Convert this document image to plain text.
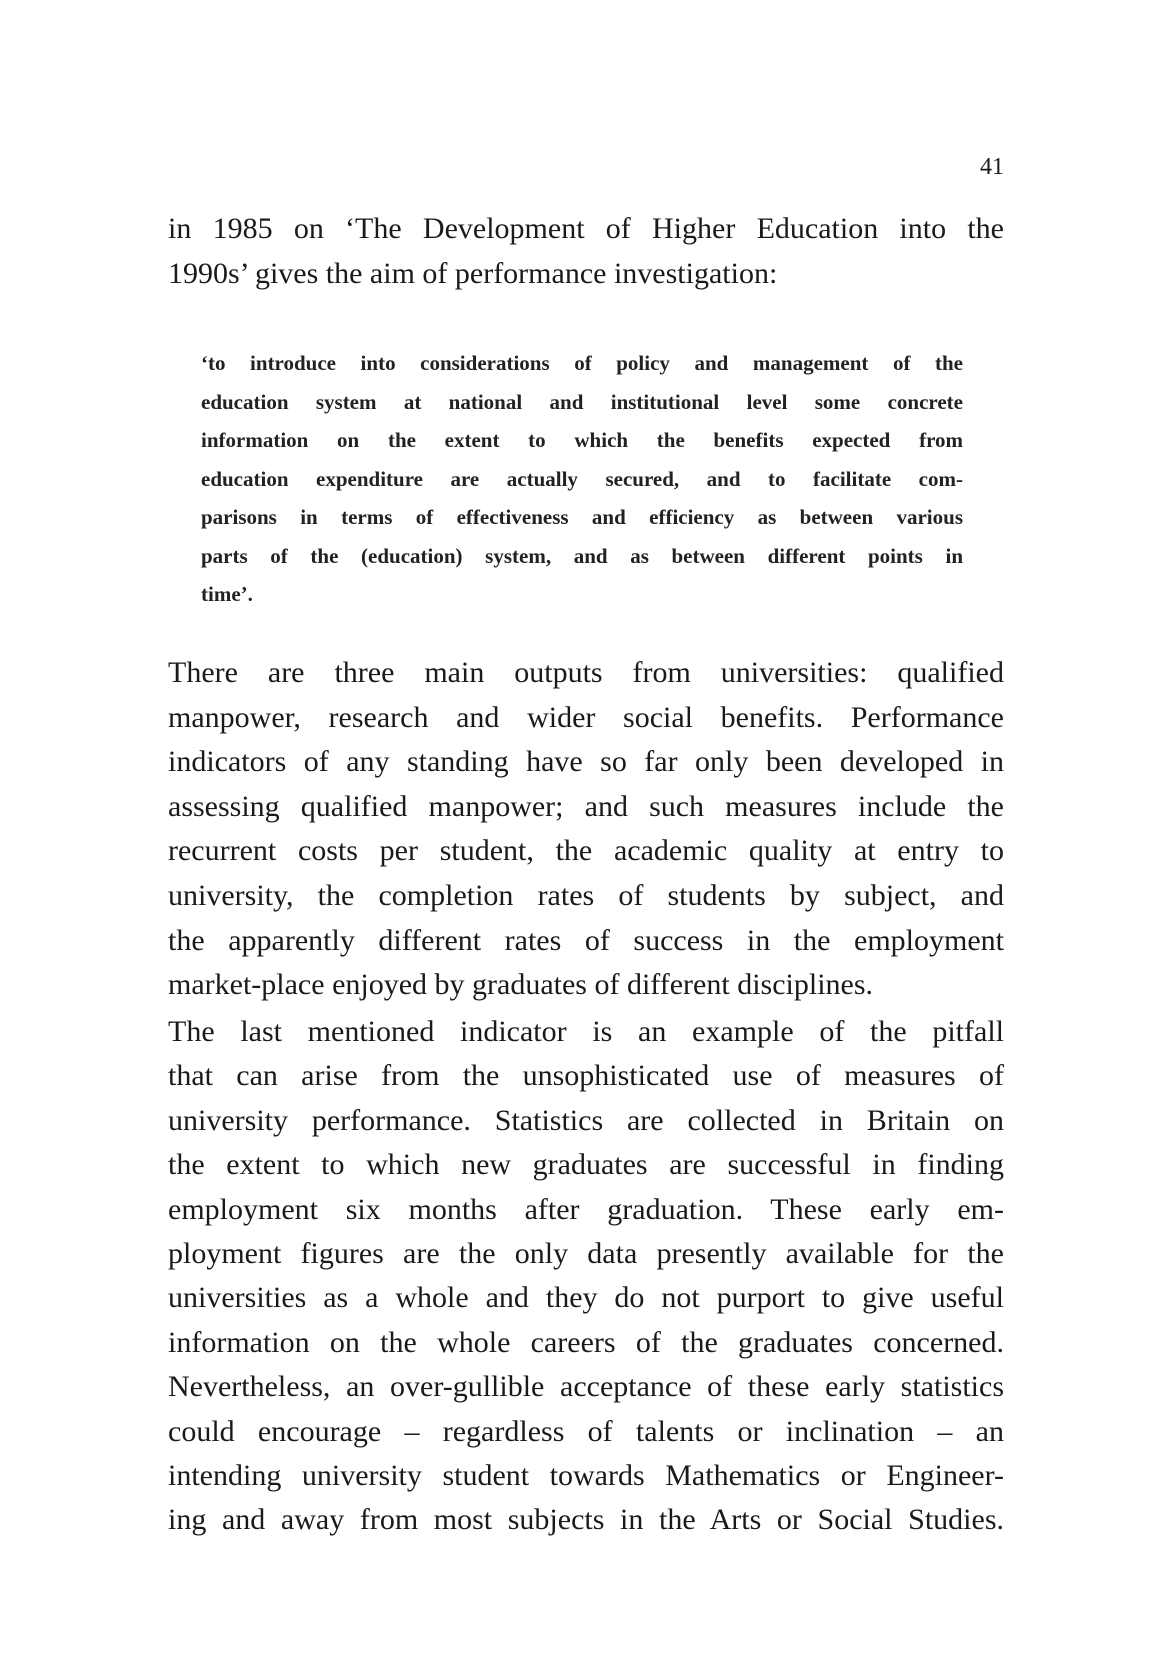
41
in 1985 on ‘The Development of Higher Education into the
1990s’ gives the aim of performance investigation:
‘to introduce into considerations of policy and management of the
education system at national and institutional level some concrete
information on the extent to which the benefits expected from
education expenditure are actually secured, and to facilitate com-
parisons in terms of effectiveness and efficiency as between various
parts of the (education) system, and as between different points in
time’.
There are three main outputs from universities: qualified
manpower, research and wider social benefits. Performance
indicators of any standing have so far only been developed in
assessing qualified manpower; and such measures include the
recurrent costs per student, the academic quality at entry to
university, the completion rates of students by subject, and
the apparently different rates of success in the employment
market-place enjoyed by graduates of different disciplines.
The last mentioned indicator is an example of the pitfall
that can arise from the unsophisticated use of measures of
university performance. Statistics are collected in Britain on
the extent to which new graduates are successful in finding
employment six months after graduation. These early em-
ployment figures are the only data presently available for the
universities as a whole and they do not purport to give useful
information on the whole careers of the graduates concerned.
Nevertheless, an over-gullible acceptance of these early statistics
could encourage – regardless of talents or inclination – an
intending university student towards Mathematics or Engineer-
ing and away from most subjects in the Arts or Social Studies.
